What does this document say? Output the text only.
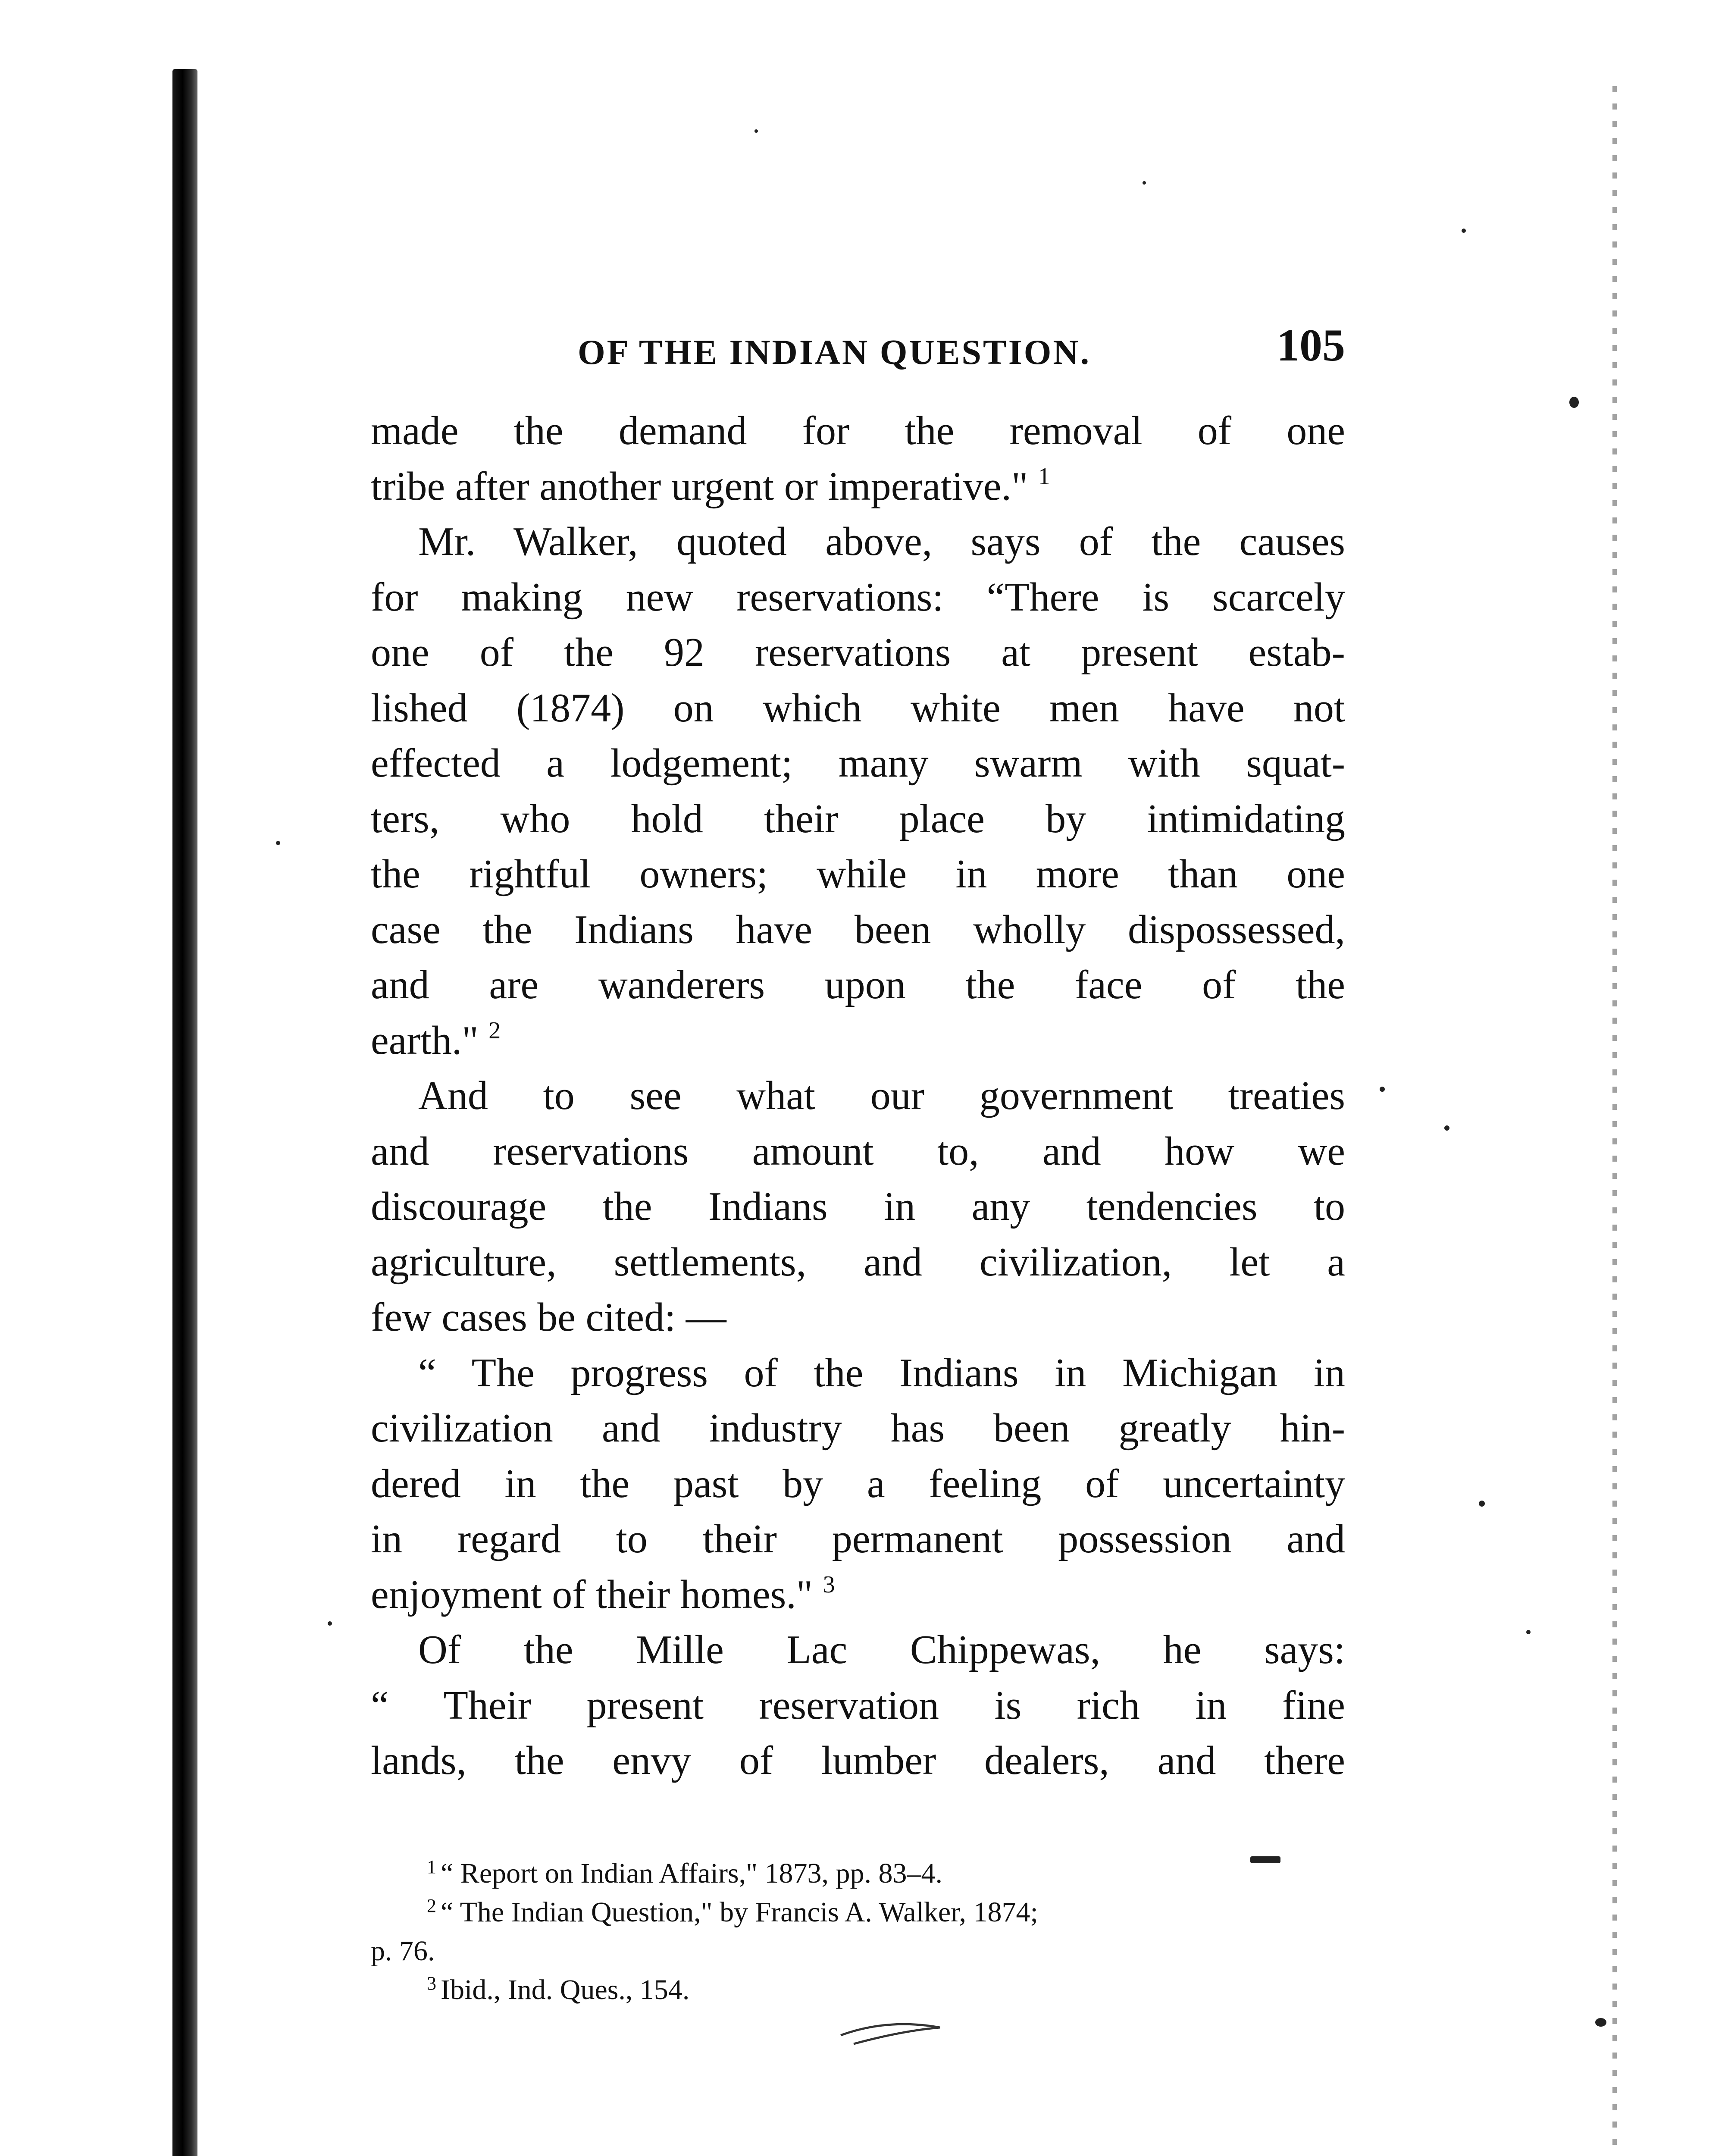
OF THE INDIAN QUESTION.	105
made the demand for the removal of one
tribe after another urgent or imperative." $^1$
Mr. Walker, quoted above, says of the causes
for making new reservations: “There is scarcely
one of the 92 reservations at present estab-
lished (1874) on which white men have not
effected a lodgement; many swarm with squat-
ters, who hold their place by intimidating
the rightful owners; while in more than one
case the Indians have been wholly dispossessed,
and are wanderers upon the face of the
earth." $^2$
And to see what our government treaties
and reservations amount to, and how we
discourage the Indians in any tendencies to
agriculture, settlements, and civilization, let a
few cases be cited: —
“ The progress of the Indians in Michigan in
civilization and industry has been greatly hin-
dered in the past by a feeling of uncertainty
in regard to their permanent possession and
enjoyment of their homes." $^3$
Of the Mille Lac Chippewas, he says:
“ Their present reservation is rich in fine
lands, the envy of lumber dealers, and there
$^1$ “ Report on Indian Affairs," 1873, pp. 83–4.
$^2$ “ The Indian Question," by Francis A. Walker, 1874;
p. 76.
$^3$ Ibid., Ind. Ques., 154.
